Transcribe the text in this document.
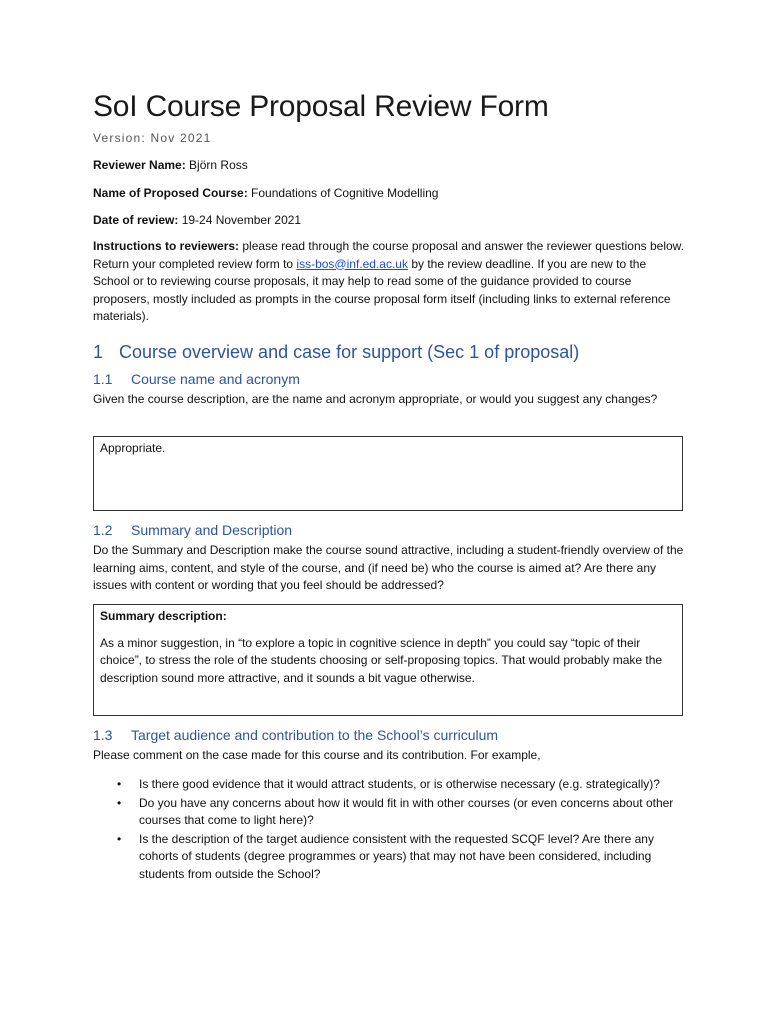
SoI Course Proposal Review Form
Version: Nov 2021
Reviewer Name: Björn Ross
Name of Proposed Course: Foundations of Cognitive Modelling
Date of review: 19-24 November 2021
Instructions to reviewers: please read through the course proposal and answer the reviewer questions below. Return your completed review form to iss-bos@inf.ed.ac.uk by the review deadline. If you are new to the School or to reviewing course proposals, it may help to read some of the guidance provided to course proposers, mostly included as prompts in the course proposal form itself (including links to external reference materials).
1 Course overview and case for support (Sec 1 of proposal)
1.1 Course name and acronym
Given the course description, are the name and acronym appropriate, or would you suggest any changes?

Appropriate.

1.2 Summary and Description
Do the Summary and Description make the course sound attractive, including a student-friendly overview of the learning aims, content, and style of the course, and (if need be) who the course is aimed at? Are there any issues with content or wording that you feel should be addressed?

Summary description:

As a minor suggestion, in “to explore a topic in cognitive science in depth” you could say “topic of their choice”, to stress the role of the students choosing or self-proposing topics. That would probably make the description sound more attractive, and it sounds a bit vague otherwise.

1.3 Target audience and contribution to the School’s curriculum
Please comment on the case made for this course and its contribution. For example,
• Is there good evidence that it would attract students, or is otherwise necessary (e.g. strategically)?
• Do you have any concerns about how it would fit in with other courses (or even concerns about other courses that come to light here)?
• Is the description of the target audience consistent with the requested SCQF level? Are there any cohorts of students (degree programmes or years) that may not have been considered, including students from outside the School?
